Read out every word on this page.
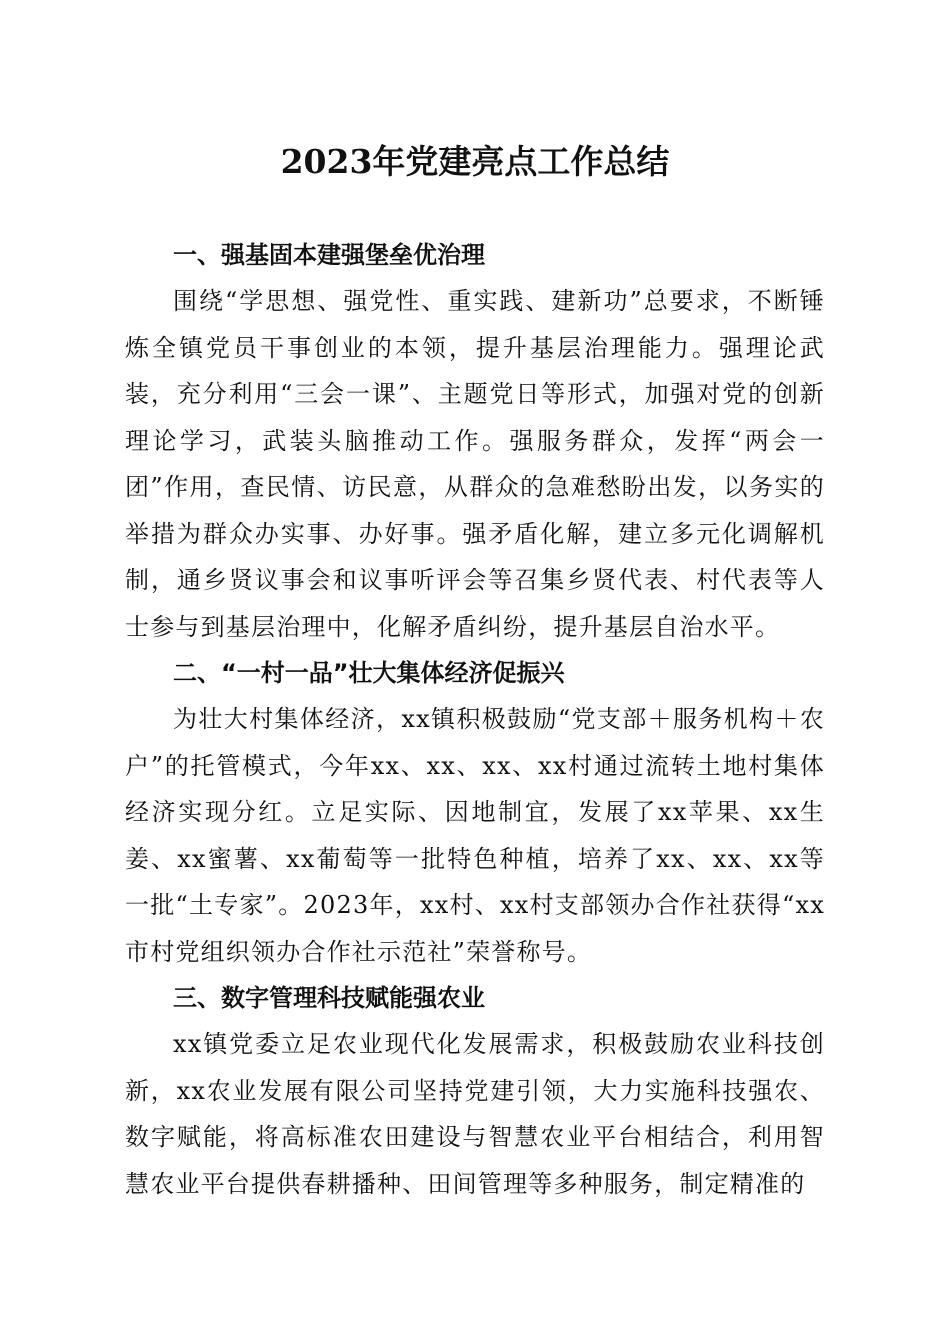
2023年党建亮点工作总结
一、强基固本建强堡垒优治理

围绕“学思想、强党性、重实践、建新功”总要求，不断锤炼全镇党员干事创业的本领，提升基层治理能力。强理论武装，充分利用“三会一课”、主题党日等形式，加强对党的创新理论学习，武装头脑推动工作。强服务群众，发挥“两会一团”作用，查民情、访民意，从群众的急难愁盼出发，以务实的举措为群众办实事、办好事。强矛盾化解，建立多元化调解机制，通乡贤议事会和议事听评会等召集乡贤代表、村代表等人士参与到基层治理中，化解矛盾纠纷，提升基层自治水平。

二、“一村一品”壮大集体经济促振兴

为壮大村集体经济，xx镇积极鼓励“党支部＋服务机构＋农户”的托管模式，今年xx、xx、xx、xx村通过流转土地村集体经济实现分红。立足实际、因地制宜，发展了xx苹果、xx生姜、xx蜜薯、xx葡萄等一批特色种植，培养了xx、xx、xx等一批“土专家”。2023年，xx村、xx村支部领办合作社获得“xx市村党组织领办合作社示范社”荣誉称号。

三、数字管理科技赋能强农业

xx镇党委立足农业现代化发展需求，积极鼓励农业科技创新，xx农业发展有限公司坚持党建引领，大力实施科技强农、数字赋能，将高标准农田建设与智慧农业平台相结合，利用智慧农业平台提供春耕播种、田间管理等多种服务，制定精准的
